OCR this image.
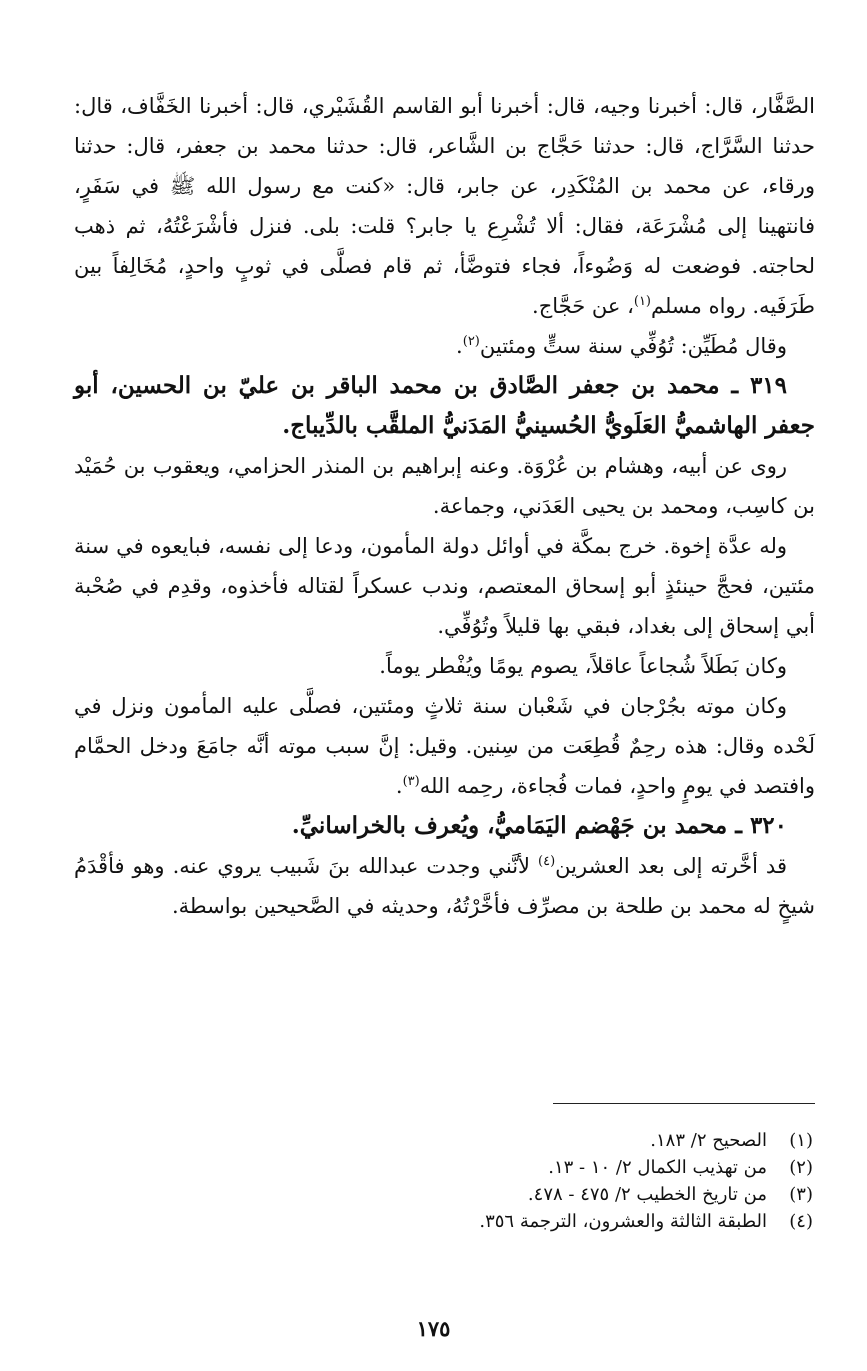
الصَّفَّار، قال: أخبرنا وجيه، قال: أخبرنا أبو القاسم القُشَيْري، قال: أخبرنا الخَفَّاف، قال: حدثنا السَّرَّاج، قال: حدثنا حَجَّاج بن الشَّاعر، قال: حدثنا محمد بن جعفر، قال: حدثنا ورقاء، عن محمد بن المُنْكَدِر، عن جابر، قال: «كنت مع رسول الله ﷺ في سَفَرٍ، فانتهينا إلى مُشْرَعَة، فقال: ألا تُشْرِع يا جابر؟ قلت: بلى. فنزل فأشْرَعْتُهُ، ثم ذهب لحاجته. فوضعت له وَضُوءاً، فجاء فتوضَّأ، ثم قام فصلَّى في ثوبٍ واحدٍ، مُخَالِفاً بين طَرَفَيه. رواه مسلم$^{(١)}$، عن حَجَّاج.

وقال مُطَيِّن: تُوُفِّي سنة ستٍّ ومئتين$^{(٢)}$.

٣١٩ ـ محمد بن جعفر الصَّادق بن محمد الباقر بن عليّ بن الحسين، أبو جعفر الهاشميُّ العَلَويُّ الحُسينيُّ المَدَنيُّ الملقَّب بالدِّيباج.

روى عن أبيه، وهشام بن عُرْوَة. وعنه إبراهيم بن المنذر الحزامي، ويعقوب بن حُمَيْد بن كاسِب، ومحمد بن يحيى العَدَني، وجماعة.

وله عدَّة إخوة. خرج بمكَّة في أوائل دولة المأمون، ودعا إلى نفسه، فبايعوه في سنة مئتين، فحجَّ حينئذٍ أبو إسحاق المعتصم، وندب عسكراً لقتاله فأخذوه، وقدِم في صُحْبة أبي إسحاق إلى بغداد، فبقي بها قليلاً وتُوُفِّي.

وكان بَطَلاً شُجاعاً عاقلاً، يصوم يومًا ويُفْطر يوماً.

وكان موته بجُرْجان في شَعْبان سنة ثلاثٍ ومئتين، فصلَّى عليه المأمون ونزل في لَحْده وقال: هذه رحِمٌ قُطِعَت من سِنين. وقيل: إنَّ سبب موته أنَّه جامَعَ ودخل الحمَّام وافتصد في يومٍ واحدٍ، فمات فُجاءة، رحِمه الله$^{(٣)}$.

٣٢٠ ـ محمد بن جَهْضم اليَمَاميُّ، ويُعرف بالخراسانيِّ.

قد أخَّرته إلى بعد العشرين$^{(٤)}$ لأنَّني وجدت عبدالله بنَ شَبيب يروي عنه. وهو فأقْدَمُ شيخٍ له محمد بن طلحة بن مصرِّف فأخَّرْتُهُ، وحديثه في الصَّحيحين بواسطة.

(١)الصحيح ٢/ ١٨٣.
(٢)من تهذيب الكمال ٢/ ١٠ - ١٣.
(٣)من تاريخ الخطيب ٢/ ٤٧٥ - ٤٧٨.
(٤)الطبقة الثالثة والعشرون، الترجمة ٣٥٦.
١٧٥
